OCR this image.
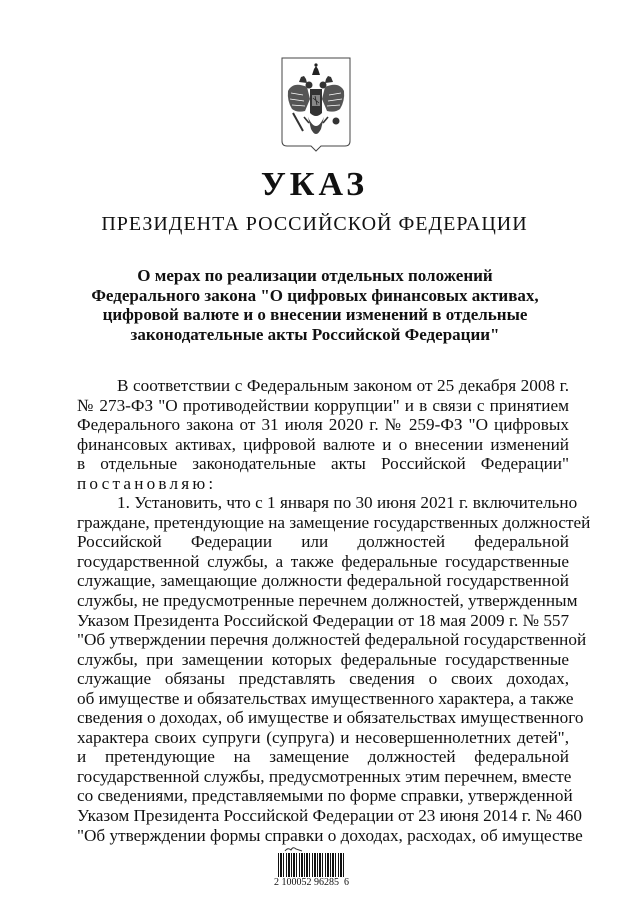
УКАЗ
ПРЕЗИДЕНТА РОССИЙСКОЙ ФЕДЕРАЦИИ
О мерах по реализации отдельных положений
Федерального закона "О цифровых финансовых активах,
цифровой валюте и о внесении изменений в отдельные
законодательные акты Российской Федерации"
В соответствии с Федеральным законом от 25 декабря 2008 г.
№ 273-ФЗ "О противодействии коррупции" и в связи с принятием
Федерального закона от 31 июля 2020 г. № 259-ФЗ "О цифровых
финансовых активах, цифровой валюте и о внесении изменений
в отдельные законодательные акты Российской Федерации"
постановляю:
1. Установить, что с 1 января по 30 июня 2021 г. включительно
граждане, претендующие на замещение государственных должностей
Российской Федерации или должностей федеральной
государственной службы, а также федеральные государственные
служащие, замещающие должности федеральной государственной
службы, не предусмотренные перечнем должностей, утвержденным
Указом Президента Российской Федерации от 18 мая 2009 г. № 557
"Об утверждении перечня должностей федеральной государственной
службы, при замещении которых федеральные государственные
служащие обязаны представлять сведения о своих доходах,
об имуществе и обязательствах имущественного характера, а также
сведения о доходах, об имуществе и обязательствах имущественного
характера своих супруги (супруга) и несовершеннолетних детей",
и претендующие на замещение должностей федеральной
государственной службы, предусмотренных этим перечнем, вместе
со сведениями, представляемыми по форме справки, утвержденной
Указом Президента Российской Федерации от 23 июня 2014 г. № 460
"Об утверждении формы справки о доходах, расходах, об имуществе
2 100052 96285  6
